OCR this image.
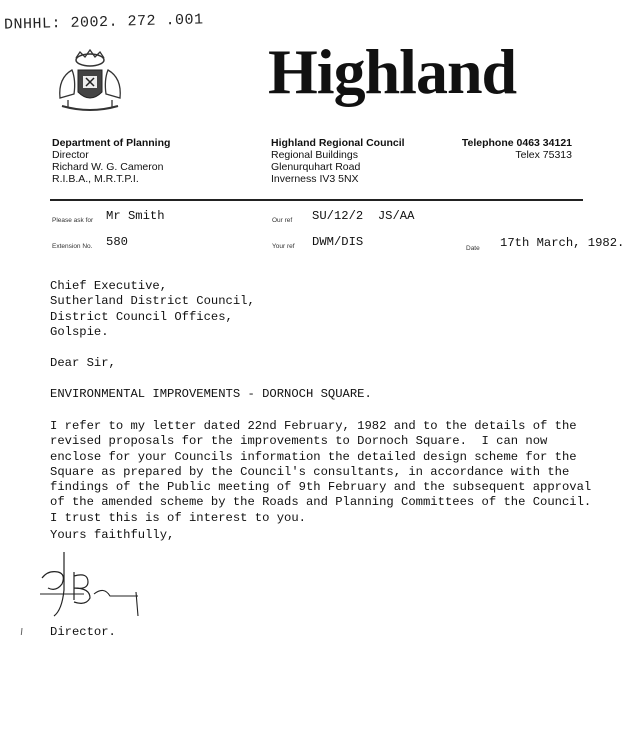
DNHHL: 2002. 272 .001
Highland
Department of Planning
Director
Richard W. G. Cameron
R.I.B.A., M.R.T.P.I.
Highland Regional Council
Regional Buildings
Glenurquhart Road
Inverness IV3 5NX
Telephone 0463 34121
Telex 75313
Please ask for Mr Smith	Our ref SU/12/2  JS/AA
Extension No. 580	Your ref DWM/DIS	Date 17th March, 1982.
Chief Executive,
Sutherland District Council,
District Council Offices,
Golspie.
Dear Sir,
ENVIRONMENTAL IMPROVEMENTS - DORNOCH SQUARE.
I refer to my letter dated 22nd February, 1982 and to the details of the
revised proposals for the improvements to Dornoch Square.  I can now
enclose for your Councils information the detailed design scheme for the
Square as prepared by the Council's consultants, in accordance with the
findings of the Public meeting of 9th February and the subsequent approval
of the amended scheme by the Roads and Planning Committees of the Council.
I trust this is of interest to you.
Yours faithfully,
Director.
